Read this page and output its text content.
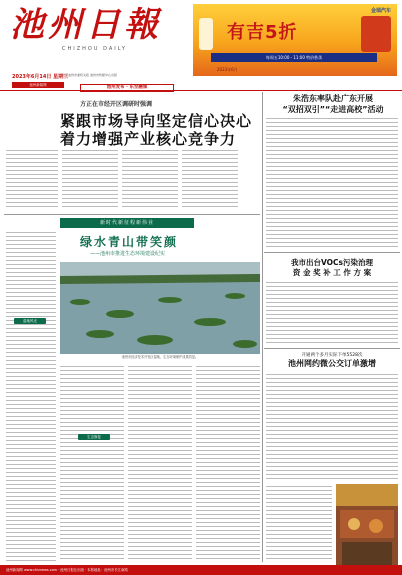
池州日報
CHIZHOU DAILY
金瑞汽车
有吉5折
每周五10:00 - 11:00 特价秒杀
2023年6月
2023年6月14日 星期三
中共池州市委机关报 池州市传媒中心出版
池州新闻网	池州发布 · 东至融媒
方正在市经开区调研时强调
紧跟市场导向坚定信心决心
着力增强产业核心竞争力
朱浩东率队赴广东开展
“双招双引”“走进高校”活动
我市出台VOCs污染治理
资 金 奖 补 工 作 方 案
开通两个多月实际下单5528次
池州网约微公交订单激增
新时代新征程新伟业
绿水青山带笑颜
——池州市推进生态环境建设纪实
湿地风光
池州市经济技术开发区湿地，生态环境保护成果初显。
生态修复
池州新闻网 www.chiznews.com · 池州日报社出版 · 本报地址：池州市长江南路
